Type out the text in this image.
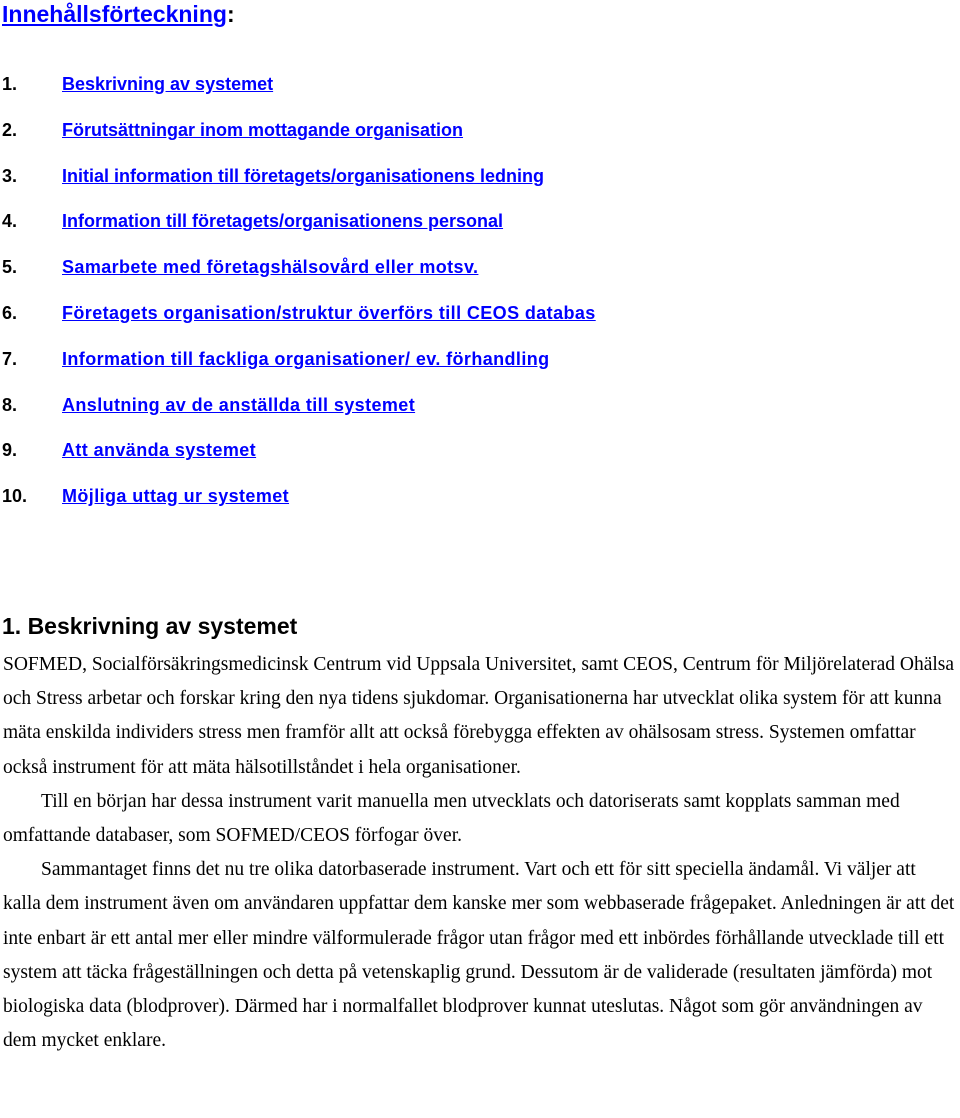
Innehållsförteckning:
1. Beskrivning av systemet
2. Förutsättningar inom mottagande organisation
3. Initial information till företagets/organisationens ledning
4. Information till företagets/organisationens personal
5. Samarbete med företagshälsovård eller motsv.
6. Företagets organisation/struktur överförs till CEOS databas
7. Information till fackliga organisationer/ ev. förhandling
8. Anslutning av de anställda till systemet
9. Att använda systemet
10. Möjliga uttag ur systemet
1. Beskrivning av systemet

SOFMED, Socialförsäkringsmedicinsk Centrum vid Uppsala Universitet, samt CEOS, Centrum för Miljörelaterad Ohälsa och Stress arbetar och forskar kring den nya tidens sjukdomar. Organisationerna har utvecklat olika system för att kunna mäta enskilda individers stress men framför allt att också förebygga effekten av ohälsosam stress. Systemen omfattar också instrument för att mäta hälsotillståndet i hela organisationer.

Till en början har dessa instrument varit manuella men utvecklats och datoriserats samt kopplats samman med omfattande databaser, som SOFMED/CEOS förfogar över.

Sammantaget finns det nu tre olika datorbaserade instrument. Vart och ett för sitt speciella ändamål. Vi väljer att kalla dem instrument även om användaren uppfattar dem kanske mer som webbaserade frågepaket. Anledningen är att det inte enbart är ett antal mer eller mindre välformulerade frågor utan frågor med ett inbördes förhållande utvecklade till ett system att täcka frågeställningen och detta på vetenskaplig grund. Dessutom är de validerade (resultaten jämförda) mot biologiska data (blodprover). Därmed har i normalfallet blodprover kunnat uteslutas. Något som gör användningen av dem mycket enklare.
